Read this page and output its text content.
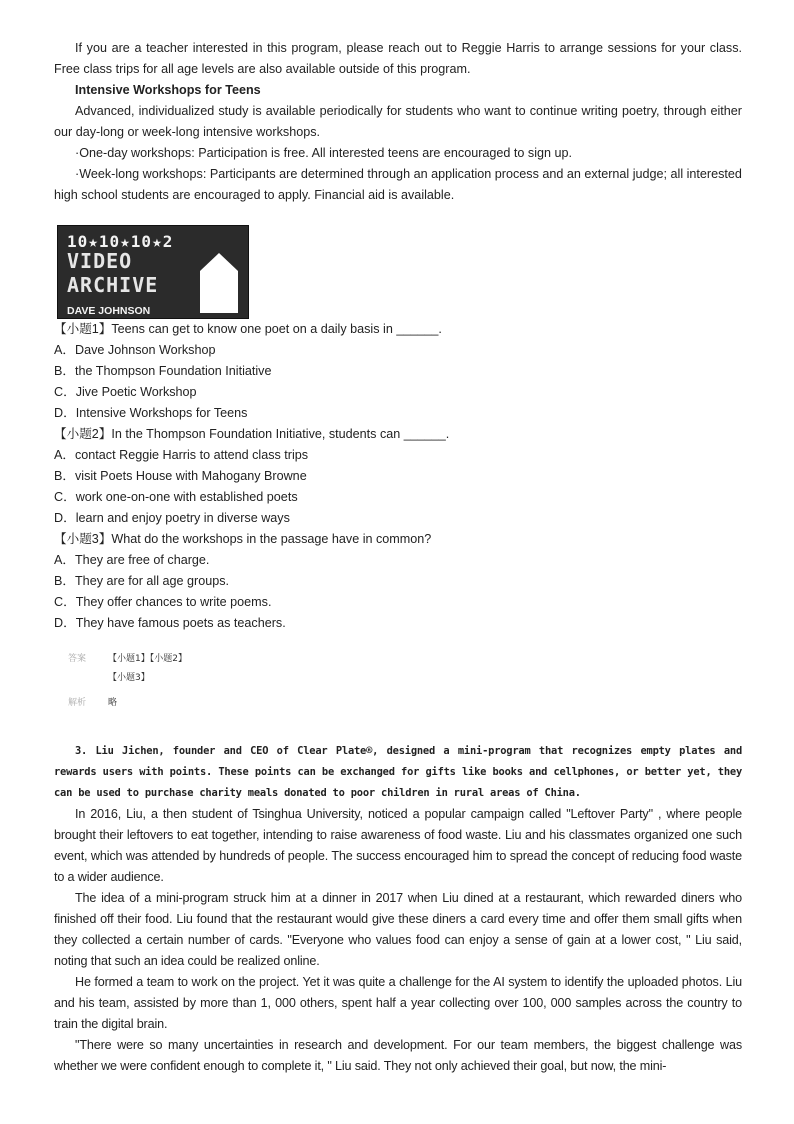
If you are a teacher interested in this program, please reach out to Reggie Harris to arrange sessions for your class. Free class trips for all age levels are also available outside of this program.

Intensive Workshops for Teens

Advanced, individualized study is available periodically for students who want to continue writing poetry, through either our day-long or week-long intensive workshops.

·One-day workshops: Participation is free. All interested teens are encouraged to sign up.

·Week-long workshops: Participants are determined through an application process and an external judge; all interested high school students are encouraged to apply. Financial aid is available.

10★10★10★2
VIDEO
ARCHIVE
DAVE JOHNSON

【小题1】Teens can get to know one poet on a daily basis in ______.

A．Dave Johnson Workshop

B．the Thompson Foundation Initiative

C．Jive Poetic Workshop

D．Intensive Workshops for Teens

【小题2】In the Thompson Foundation Initiative, students can ______.

A．contact Reggie Harris to attend class trips

B．visit Poets House with Mahogany Browne

C．work one-on-one with established poets

D．learn and enjoy poetry in diverse ways

【小题3】What do the workshops in the passage have in common?

A．They are free of charge.

B．They are for all age groups.

C．They offer chances to write poems.

D．They have famous poets as teachers.

答案	【小题1】【小题2】
【小题3】
解析	略

3. Liu Jichen, founder and CEO of Clear Plate®, designed a mini-program that recognizes empty plates and rewards users with points. These points can be exchanged for gifts like books and cellphones, or better yet, they can be used to purchase charity meals donated to poor children in rural areas of China.

In 2016, Liu, a then student of Tsinghua University, noticed a popular campaign called "Leftover Party" , where people brought their leftovers to eat together, intending to raise awareness of food waste. Liu and his classmates organized one such event, which was attended by hundreds of people. The success encouraged him to spread the concept of reducing food waste to a wider audience.

The idea of a mini-program struck him at a dinner in 2017 when Liu dined at a restaurant, which rewarded diners who finished off their food. Liu found that the restaurant would give these diners a card every time and offer them small gifts when they collected a certain number of cards. "Everyone who values food can enjoy a sense of gain at a lower cost, " Liu said, noting that such an idea could be realized online.

He formed a team to work on the project. Yet it was quite a challenge for the AI system to identify the uploaded photos. Liu and his team, assisted by more than 1, 000 others, spent half a year collecting over 100, 000 samples across the country to train the digital brain.

"There were so many uncertainties in research and development. For our team members, the biggest challenge was whether we were confident enough to complete it, " Liu said. They not only achieved their goal, but now, the mini-
